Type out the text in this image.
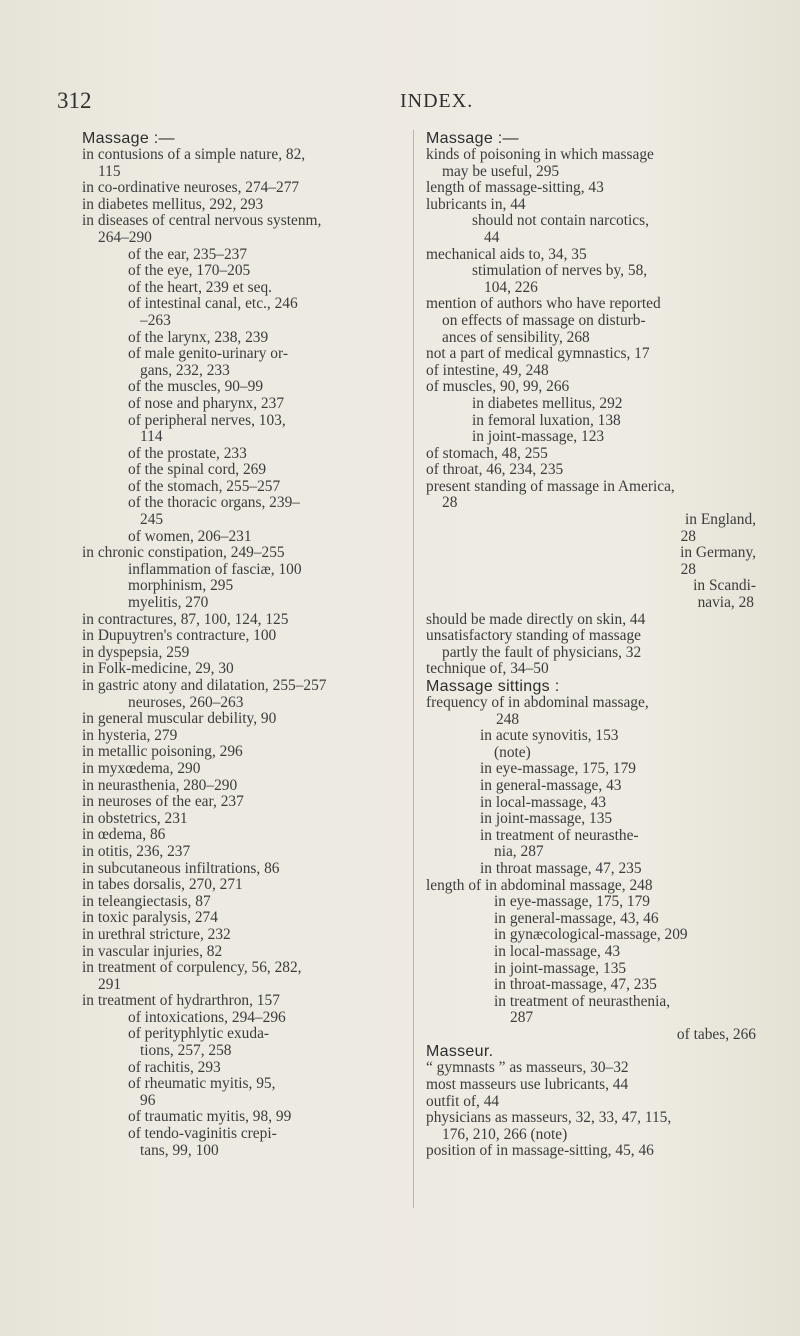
312	INDEX.
Massage :—
in contusions of a simple nature, 82,
115
in co-ordinative neuroses, 274–277
in diabetes mellitus, 292, 293
in diseases of central nervous systenm,
264–290
of the ear, 235–237
of the eye, 170–205
of the heart, 239 et seq.
of intestinal canal, etc., 246
–263
of the larynx, 238, 239
of male genito-urinary or-
gans, 232, 233
of the muscles, 90–99
of nose and pharynx, 237
of peripheral nerves, 103,
114
of the prostate, 233
of the spinal cord, 269
of the stomach, 255–257
of the thoracic organs, 239–
245
of women, 206–231
in chronic constipation, 249–255
inflammation of fasciæ, 100
morphinism, 295
myelitis, 270
in contractures, 87, 100, 124, 125
in Dupuytren's contracture, 100
in dyspepsia, 259
in Folk-medicine, 29, 30
in gastric atony and dilatation, 255–257
neuroses, 260–263
in general muscular debility, 90
in hysteria, 279
in metallic poisoning, 296
in myxœdema, 290
in neurasthenia, 280–290
in neuroses of the ear, 237
in obstetrics, 231
in œdema, 86
in otitis, 236, 237
in subcutaneous infiltrations, 86
in tabes dorsalis, 270, 271
in teleangiectasis, 87
in toxic paralysis, 274
in urethral stricture, 232
in vascular injuries, 82
in treatment of corpulency, 56, 282,
291
in treatment of hydrarthron, 157
of intoxications, 294–296
of perityphlytic exuda-
tions, 257, 258
of rachitis, 293
of rheumatic myitis, 95,
96
of traumatic myitis, 98, 99
of tendo-vaginitis crepi-
tans, 99, 100
Massage :—
kinds of poisoning in which massage
may be useful, 295
length of massage-sitting, 43
lubricants in, 44
should not contain narcotics,
44
mechanical aids to, 34, 35
stimulation of nerves by, 58,
104, 226
mention of authors who have reported
on effects of massage on disturb-
ances of sensibility, 268
not a part of medical gymnastics, 17
of intestine, 49, 248
of muscles, 90, 99, 266
in diabetes mellitus, 292
in femoral luxation, 138
in joint-massage, 123
of stomach, 48, 255
of throat, 46, 234, 235
present standing of massage in America,
28
in England,
28
in Germany,
28
in Scandi-
navia, 28
should be made directly on skin, 44
unsatisfactory standing of massage
partly the fault of physicians, 32
technique of, 34–50
Massage sittings :
frequency of in abdominal massage,
248
in acute synovitis, 153
(note)
in eye-massage, 175, 179
in general-massage, 43
in local-massage, 43
in joint-massage, 135
in treatment of neurasthe-
nia, 287
in throat massage, 47, 235
length of in abdominal massage, 248
in eye-massage, 175, 179
in general-massage, 43, 46
in gynæcological-massage, 209
in local-massage, 43
in joint-massage, 135
in throat-massage, 47, 235
in treatment of neurasthenia,
287
of tabes, 266
Masseur.
“ gymnasts ” as masseurs, 30–32
most masseurs use lubricants, 44
outfit of, 44
physicians as masseurs, 32, 33, 47, 115,
176, 210, 266 (note)
position of in massage-sitting, 45, 46
